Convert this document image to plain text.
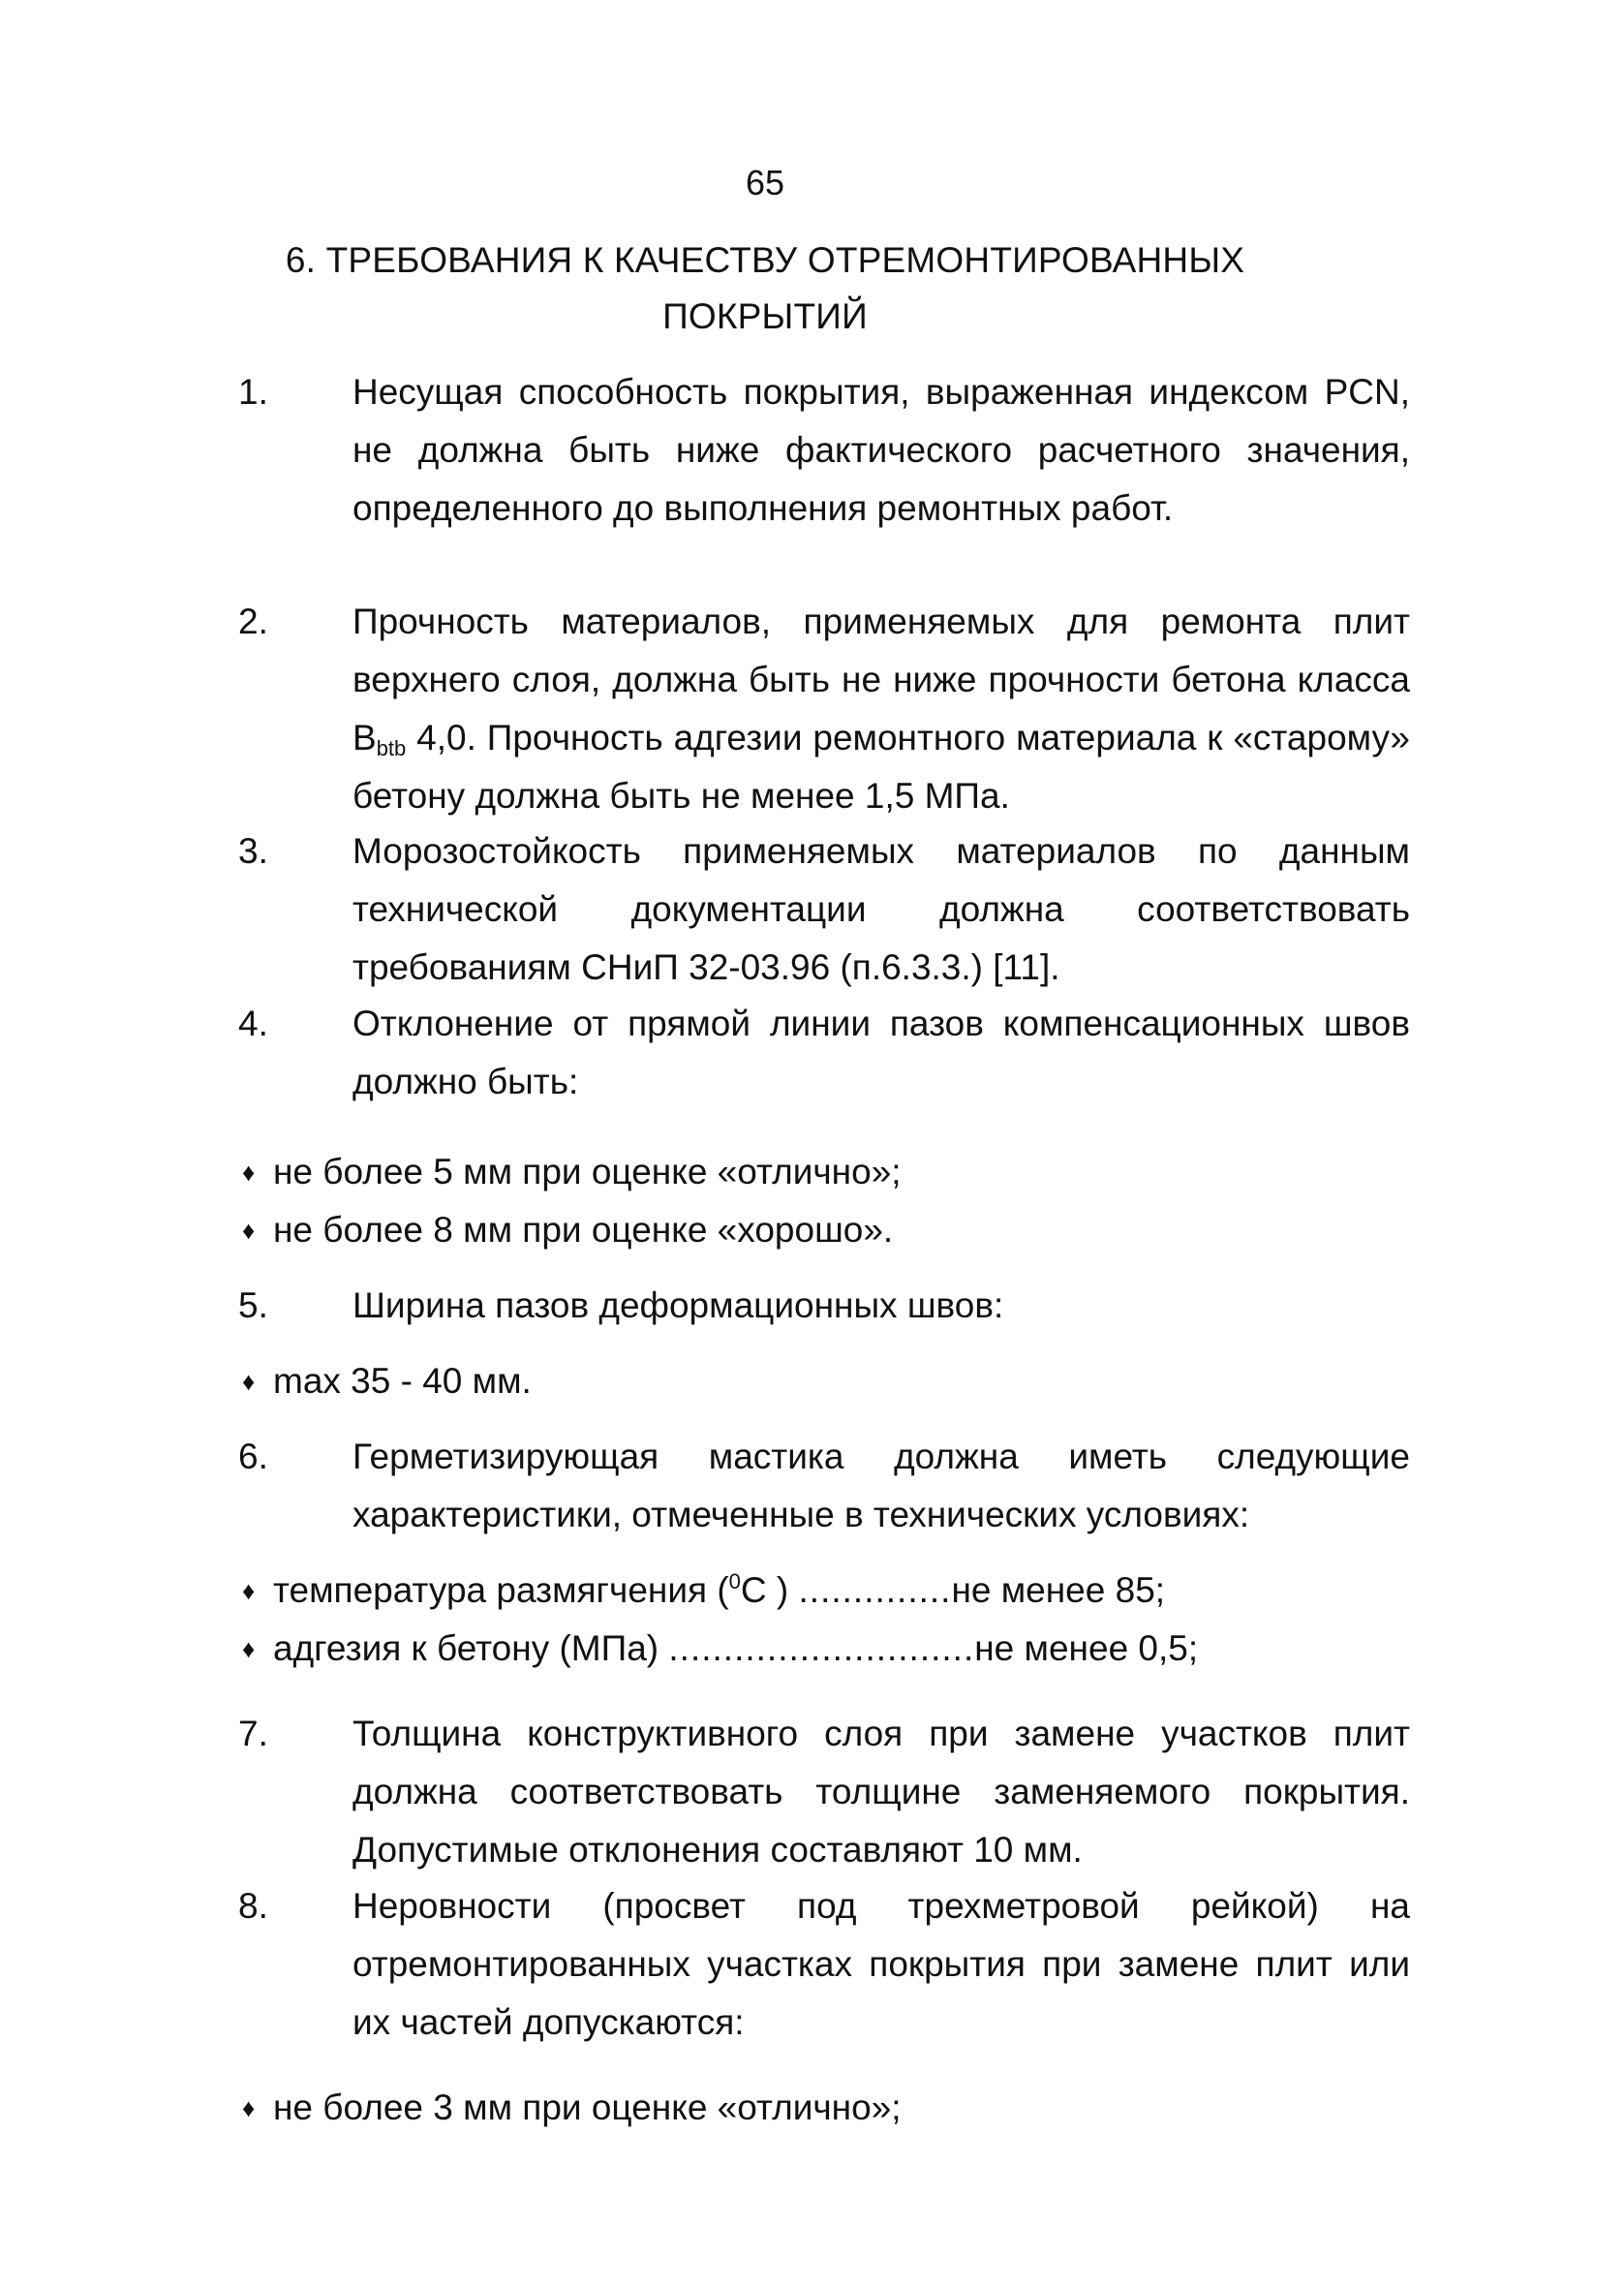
65
6. ТРЕБОВАНИЯ К КАЧЕСТВУ ОТРЕМОНТИРОВАННЫХ
ПОКРЫТИЙ
1.	Несущая способность покрытия, выраженная индексом PCN, не должна быть ниже фактического расчетного значения, определенного до выполнения ремонтных работ.
2.	Прочность материалов, применяемых для ремонта плит верхнего слоя, должна быть не ниже прочности бетона класса $B_{btb}$ 4,0. Прочность адгезии ремонтного материала к «старому» бетону должна быть не менее 1,5 МПа.
3.	Морозостойкость применяемых материалов по данным технической документации должна соответствовать требованиям СНиП 32-03.96 (п.6.3.3.) [11].
4.	Отклонение от прямой линии пазов компенсационных швов должно быть:
♦ не более 5 мм при оценке «отлично»;
♦ не более 8 мм при оценке «хорошо».
5.	Ширина пазов деформационных швов:
♦ max 35 - 40 мм.
6.	Герметизирующая мастика должна иметь следующие характеристики, отмеченные в технических условиях:
♦ температура размягчения ($^0$С ) ..............не менее 85;
♦ адгезия к бетону (МПа) ............................не менее 0,5;
7.	Толщина конструктивного слоя при замене участков плит должна соответствовать толщине заменяемого покрытия. Допустимые отклонения составляют 10 мм.
8.	Неровности (просвет под трехметровой рейкой) на отремонтированных участках покрытия при замене плит или их частей допускаются:
♦ не более 3 мм при оценке «отлично»;
